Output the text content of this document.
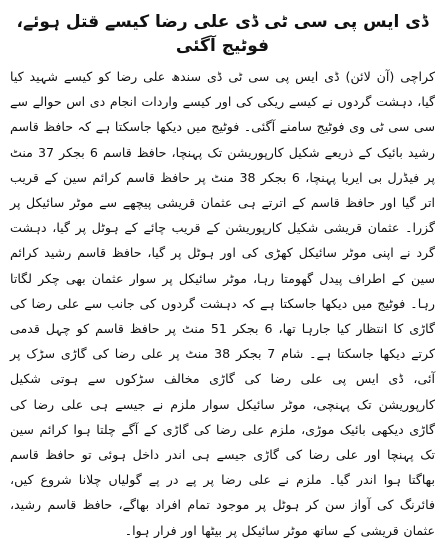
ڈی ایس پی سی ٹی ڈی علی رضا کیسے قتل ہوئے، فوٹیج آگئی

کراچی (آن لائن) ڈی ایس پی سی ٹی ڈی سندھ علی رضا کو کیسے شہید کیا گیا، دہشت گردوں نے کیسے ریکی کی اور کیسے واردات انجام دی اس حوالے سے سی سی ٹی وی فوٹیج سامنے آگئی۔ فوٹیج میں دیکھا جاسکتا ہے کہ حافظ قاسم رشید بائیک کے ذریعے شکیل کارپوریشن تک پہنچا، حافظ قاسم 6 بجکر 37 منٹ پر فیڈرل بی ایریا پہنچا، 6 بجکر 38 منٹ پر حافظ قاسم کرائم سین کے قریب اتر گیا اور حافظ قاسم کے اترتے ہی عثمان قریشی پیچھے سے موٹر سائیکل پر گزرا۔ عثمان قریشی شکیل کارپوریشن کے قریب چائے کے ہوٹل پر گیا، دہشت گرد نے اپنی موٹر سائیکل کھڑی کی اور ہوٹل پر گیا، حافظ قاسم رشید کرائم سین کے اطراف پیدل گھومتا رہا، موٹر سائیکل پر سوار عثمان بھی چکر لگاتا رہا۔ فوٹیج میں دیکھا جاسکتا ہے کہ دہشت گردوں کی جانب سے علی رضا کی گاڑی کا انتظار کیا جارہا تھا، 6 بجکر 51 منٹ پر حافظ قاسم کو چہل قدمی کرتے دیکھا جاسکتا ہے۔ شام 7 بجکر 38 منٹ پر علی رضا کی گاڑی سڑک پر آئی، ڈی ایس پی علی رضا کی گاڑی مخالف سڑکوں سے ہوتی شکیل کارپوریشن تک پہنچی، موٹر سائیکل سوار ملزم نے جیسے ہی علی رضا کی گاڑی دیکھی بائیک موڑی، ملزم علی رضا کی گاڑی کے آگے چلتا ہوا کرائم سین تک پہنچا اور علی رضا کی گاڑی جیسے ہی اندر داخل ہوئی تو حافظ قاسم بھاگتا ہوا اندر گیا۔ ملزم نے علی رضا پر پے در پے گولیاں چلانا شروع کیں، فائرنگ کی آواز سن کر ہوٹل پر موجود تمام افراد بھاگے، حافظ قاسم رشید، عثمان قریشی کے ساتھ موٹر سائیکل پر بیٹھا اور فرار ہوا۔
